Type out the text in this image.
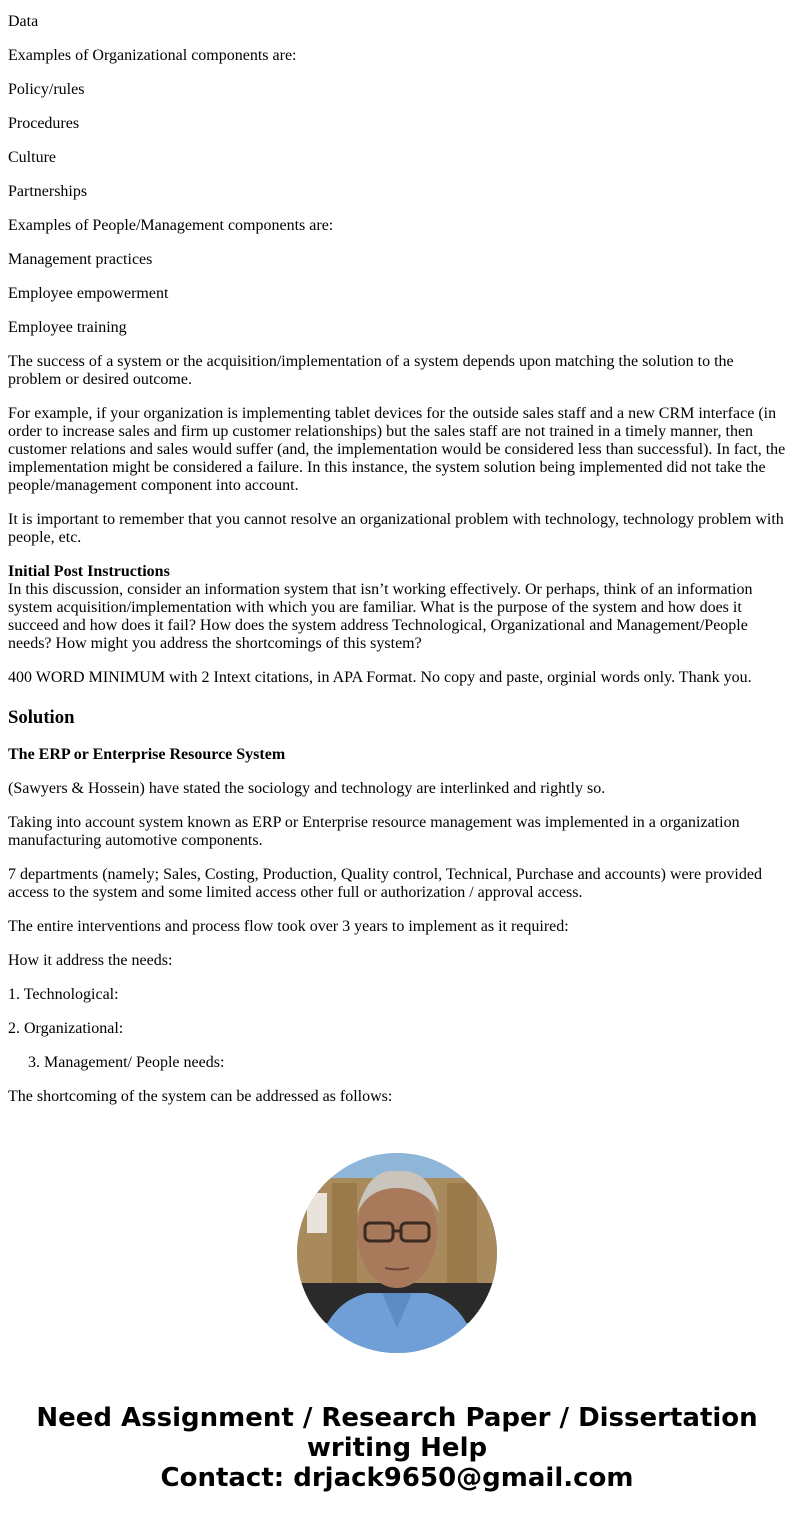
Data

Examples of Organizational components are:

Policy/rules

Procedures

Culture

Partnerships

Examples of People/Management components are:

Management practices

Employee empowerment

Employee training

The success of a system or the acquisition/implementation of a system depends upon matching the solution to the problem or desired outcome.

For example, if your organization is implementing tablet devices for the outside sales staff and a new CRM interface (in order to increase sales and firm up customer relationships) but the sales staff are not trained in a timely manner, then customer relations and sales would suffer (and, the implementation would be considered less than successful). In fact, the implementation might be considered a failure. In this instance, the system solution being implemented did not take the people/management component into account.

It is important to remember that you cannot resolve an organizational problem with technology, technology problem with people, etc.

Initial Post Instructions
In this discussion, consider an information system that isn’t working effectively. Or perhaps, think of an information system acquisition/implementation with which you are familiar. What is the purpose of the system and how does it succeed and how does it fail? How does the system address Technological, Organizational and Management/People needs? How might you address the shortcomings of this system?

400 WORD MINIMUM with 2 Intext citations, in APA Format. No copy and paste, orginial words only. Thank you.

Solution

The ERP or Enterprise Resource System

(Sawyers & Hossein) have stated the sociology and technology are interlinked and rightly so.

Taking into account system known as ERP or Enterprise resource management was implemented in a organization manufacturing automotive components.

7 departments (namely; Sales, Costing, Production, Quality control, Technical, Purchase and accounts) were provided access to the system and some limited access other full or authorization / approval access.

The entire interventions and process flow took over 3 years to implement as it required:

How it address the needs:

1. Technological:

2. Organizational:

3. Management/ People needs:

The shortcoming of the system can be addressed as follows:

Need Assignment / Research Paper / Dissertation
writing Help
Contact: drjack9650@gmail.com
